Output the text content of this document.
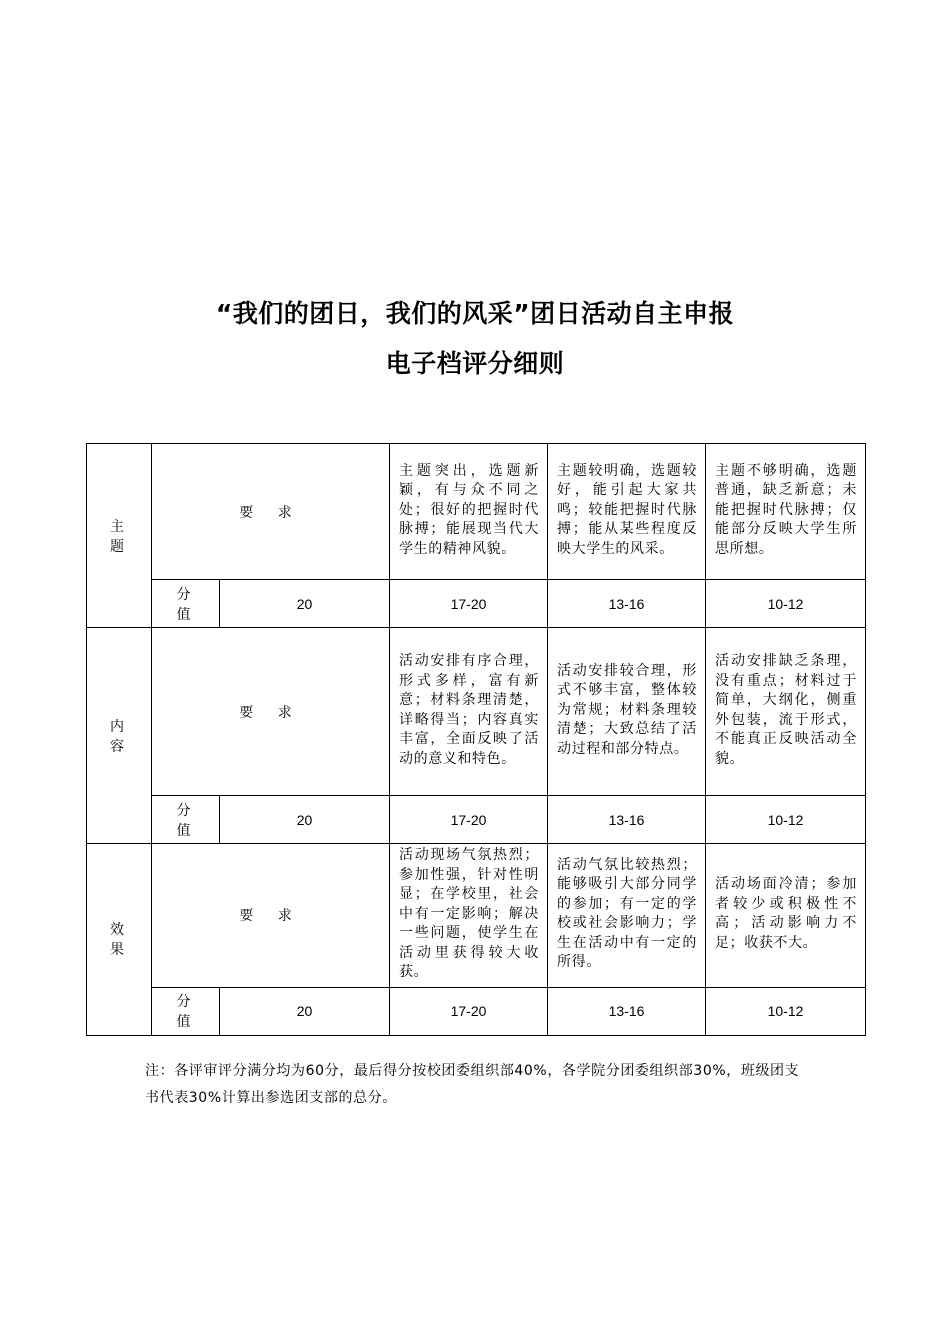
“我们的团日，我们的风采”团日活动自主申报
电子档评分细则
主 题	要 求		主题突出，选题新颖，有与众不同之处；很好的把握时代脉搏；能展现当代大学生的精神风貌。	主题较明确，选题较好，能引起大家共鸣；较能把握时代脉搏；能从某些程度反映大学生的风采。	主题不够明确，选题普通，缺乏新意；未能把握时代脉搏；仅能部分反映大学生所思所想。
	分 值	20	17-20	13-16	10-12
内 容	要 求		活动安排有序合理，形式多样，富有新意；材料条理清楚，详略得当；内容真实丰富，全面反映了活动的意义和特色。	活动安排较合理，形式不够丰富，整体较为常规；材料条理较清楚；大致总结了活动过程和部分特点。	活动安排缺乏条理，没有重点；材料过于简单，大纲化，侧重外包装，流于形式，不能真正反映活动全貌。
	分 值	20	17-20	13-16	10-12
效 果	要 求		活动现场气氛热烈；参加性强，针对性明显；在学校里，社会中有一定影响；解决一些问题，使学生在活动里获得较大收获。	活动气氛比较热烈；能够吸引大部分同学的参加；有一定的学校或社会影响力；学生在活动中有一定的所得。	活动场面冷清；参加者较少或积极性不高；活动影响力不足；收获不大。
	分 值	20	17-20	13-16	10-12
注：各评审评分满分均为60分，最后得分按校团委组织部40%，各学院分团委组织部30%，班级团支书代表30%计算出参选团支部的总分。
